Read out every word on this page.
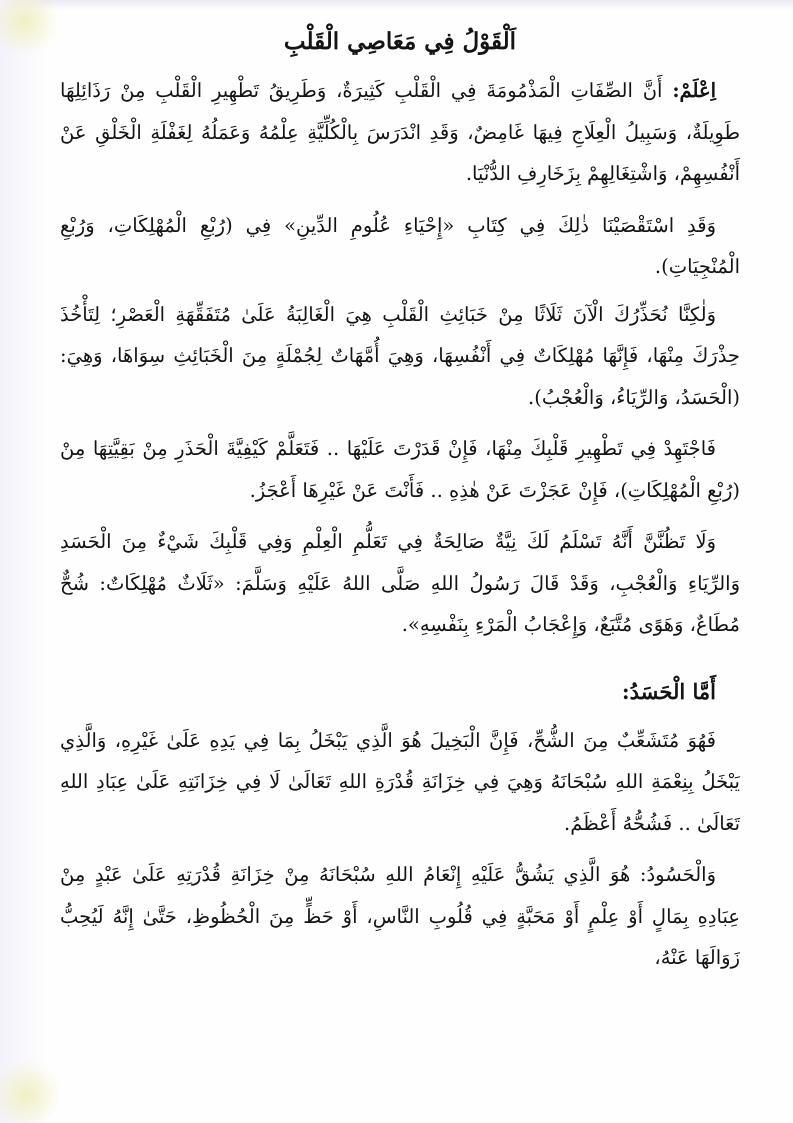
اَلْقَوْلُ فِي مَعَاصِي الْقَلْبِ

اِعْلَمْ: أَنَّ الصِّفَاتِ الْمَذْمُومَةَ فِي الْقَلْبِ كَثِيرَةٌ، وَطَرِيقُ تَطْهِيرِ الْقَلْبِ مِنْ رَذَائِلِهَا طَوِيلَةٌ، وَسَبِيلُ الْعِلَاجِ فِيهَا غَامِضٌ، وَقَدِ انْدَرَسَ بِالْكُلِّيَّةِ عِلْمُهُ وَعَمَلُهُ لِغَفْلَةِ الْخَلْقِ عَنْ أَنْفُسِهِمْ، وَاشْتِغَالِهِمْ بِزَخَارِفِ الدُّنْيَا.

وَقَدِ اسْتَقْصَيْنَا ذٰلِكَ فِي كِتَابِ «إِحْيَاءِ عُلُومِ الدِّينِ» فِي (رُبْعِ الْمُهْلِكَاتِ، وَرُبْعِ الْمُنْجِيَاتِ).

وَلٰكِنَّا نُحَذِّرُكَ الْآنَ ثَلَاثًا مِنْ خَبَائِثِ الْقَلْبِ هِيَ الْغَالِبَةُ عَلَىٰ مُتَفَقِّهَةِ الْعَصْرِ؛ لِتَأْخُذَ حِذْرَكَ مِنْهَا، فَإِنَّهَا مُهْلِكَاتٌ فِي أَنْفُسِهَا، وَهِيَ أُمَّهَاتٌ لِجُمْلَةٍ مِنَ الْخَبَائِثِ سِوَاهَا، وَهِيَ: (الْحَسَدُ، وَالرِّيَاءُ، وَالْعُجْبُ).

فَاجْتَهِدْ فِي تَطْهِيرِ قَلْبِكَ مِنْهَا، فَإِنْ قَدَرْتَ عَلَيْهَا .. فَتَعَلَّمْ كَيْفِيَّةَ الْحَذَرِ مِنْ بَقِيَّتِهَا مِنْ (رُبْعِ الْمُهْلِكَاتِ)، فَإِنْ عَجَزْتَ عَنْ هٰذِهِ .. فَأَنْتَ عَنْ غَيْرِهَا أَعْجَزُ.

وَلَا تَظُنَّنَّ أَنَّهُ تَسْلَمُ لَكَ نِيَّةٌ صَالِحَةٌ فِي تَعَلُّمِ الْعِلْمِ وَفِي قَلْبِكَ شَيْءٌ مِنَ الْحَسَدِ وَالرِّيَاءِ وَالْعُجْبِ، وَقَدْ قَالَ رَسُولُ اللهِ صَلَّى اللهُ عَلَيْهِ وَسَلَّمَ: «ثَلَاثٌ مُهْلِكَاتٌ: شُحٌّ مُطَاعٌ، وَهَوًى مُتَّبَعٌ، وَإِعْجَابُ الْمَرْءِ بِنَفْسِهِ».

أَمَّا الْحَسَدُ:

فَهُوَ مُتَشَعِّبٌ مِنَ الشُّحِّ، فَإِنَّ الْبَخِيلَ هُوَ الَّذِي يَبْخَلُ بِمَا فِي يَدِهِ عَلَىٰ غَيْرِهِ، وَالَّذِي يَبْخَلُ بِنِعْمَةِ اللهِ سُبْحَانَهُ وَهِيَ فِي خِزَانَةِ قُدْرَةِ اللهِ تَعَالَىٰ لَا فِي خِزَانَتِهِ عَلَىٰ عِبَادِ اللهِ تَعَالَىٰ .. فَشُحُّهُ أَعْظَمُ.

وَالْحَسُودُ: هُوَ الَّذِي يَشُقُّ عَلَيْهِ إِنْعَامُ اللهِ سُبْحَانَهُ مِنْ خِزَانَةِ قُدْرَتِهِ عَلَىٰ عَبْدٍ مِنْ عِبَادِهِ بِمَالٍ أَوْ عِلْمٍ أَوْ مَحَبَّةٍ فِي قُلُوبِ النَّاسِ، أَوْ حَظٍّ مِنَ الْحُظُوظِ، حَتَّىٰ إِنَّهُ لَيُحِبُّ زَوَالَهَا عَنْهُ،
